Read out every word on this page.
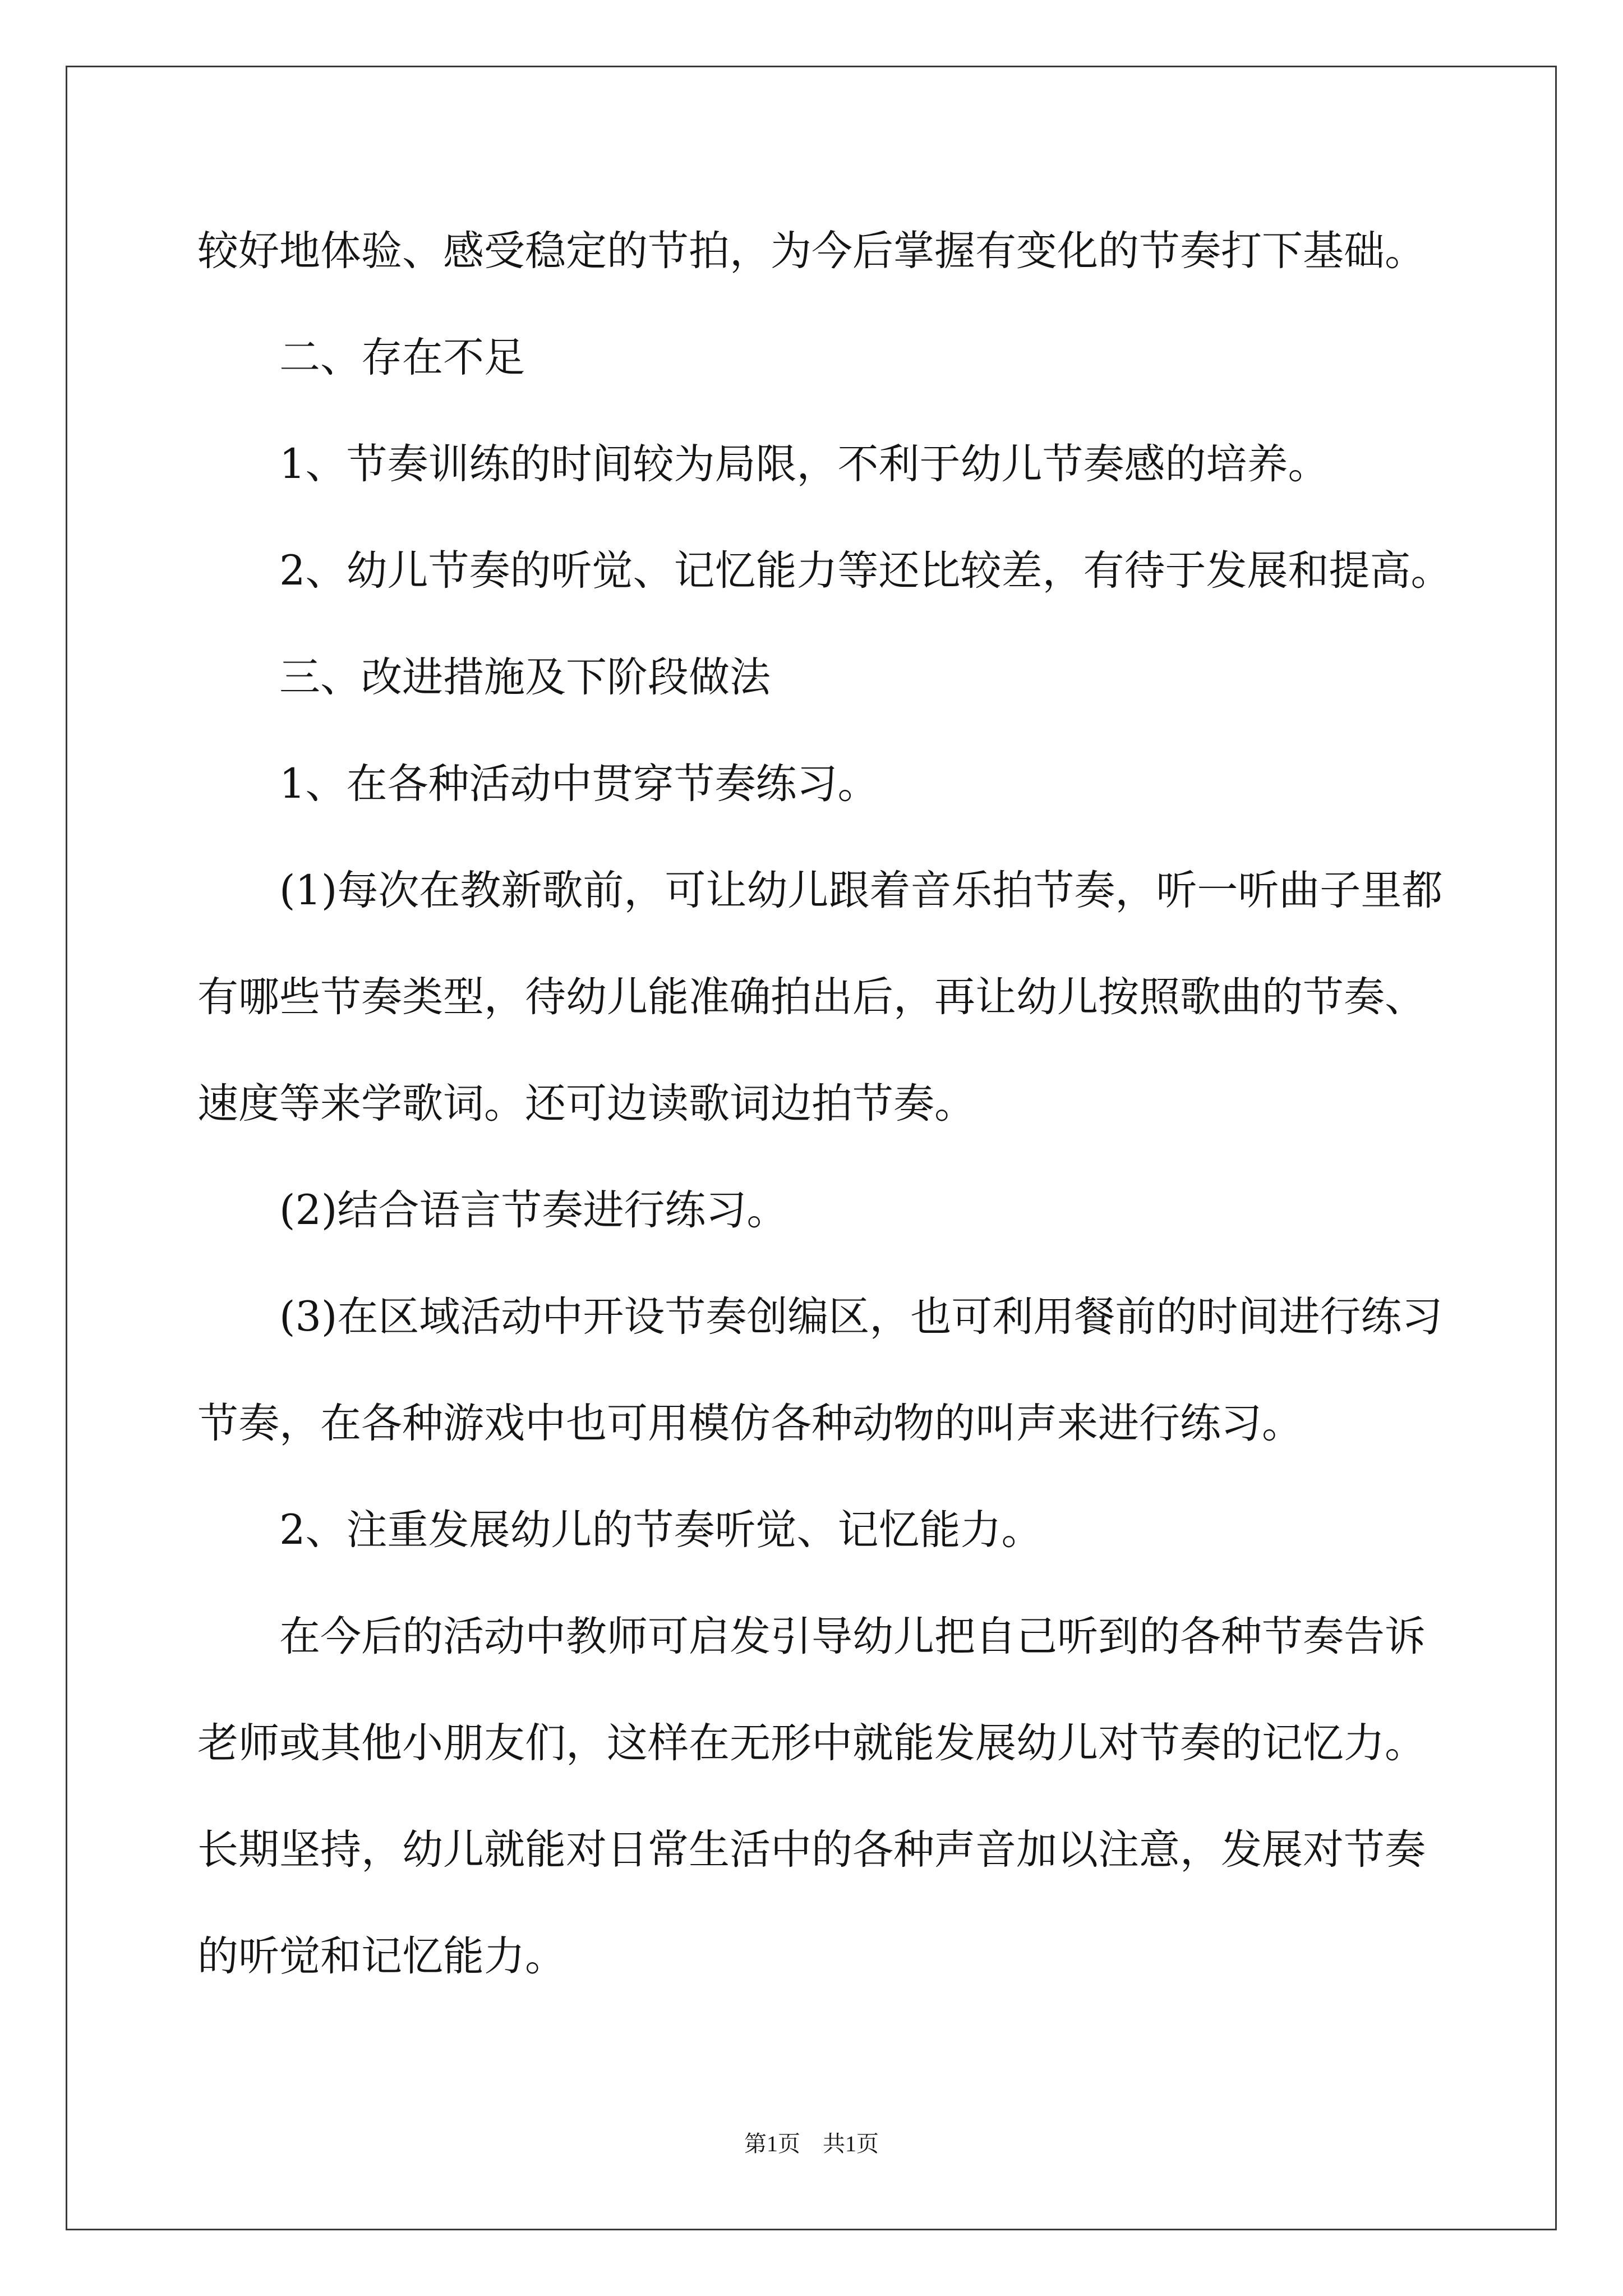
较好地体验、感受稳定的节拍，为今后掌握有变化的节奏打下基础。

二、存在不足

1、节奏训练的时间较为局限，不利于幼儿节奏感的培养。

2、幼儿节奏的听觉、记忆能力等还比较差，有待于发展和提高。

三、改进措施及下阶段做法

1、在各种活动中贯穿节奏练习。

(1)每次在教新歌前，可让幼儿跟着音乐拍节奏，听一听曲子里都

有哪些节奏类型，待幼儿能准确拍出后，再让幼儿按照歌曲的节奏、

速度等来学歌词。还可边读歌词边拍节奏。

(2)结合语言节奏进行练习。

(3)在区域活动中开设节奏创编区，也可利用餐前的时间进行练习

节奏，在各种游戏中也可用模仿各种动物的叫声来进行练习。

2、注重发展幼儿的节奏听觉、记忆能力。

在今后的活动中教师可启发引导幼儿把自己听到的各种节奏告诉

老师或其他小朋友们，这样在无形中就能发展幼儿对节奏的记忆力。

长期坚持，幼儿就能对日常生活中的各种声音加以注意，发展对节奏

的听觉和记忆能力。

第1页　共1页
